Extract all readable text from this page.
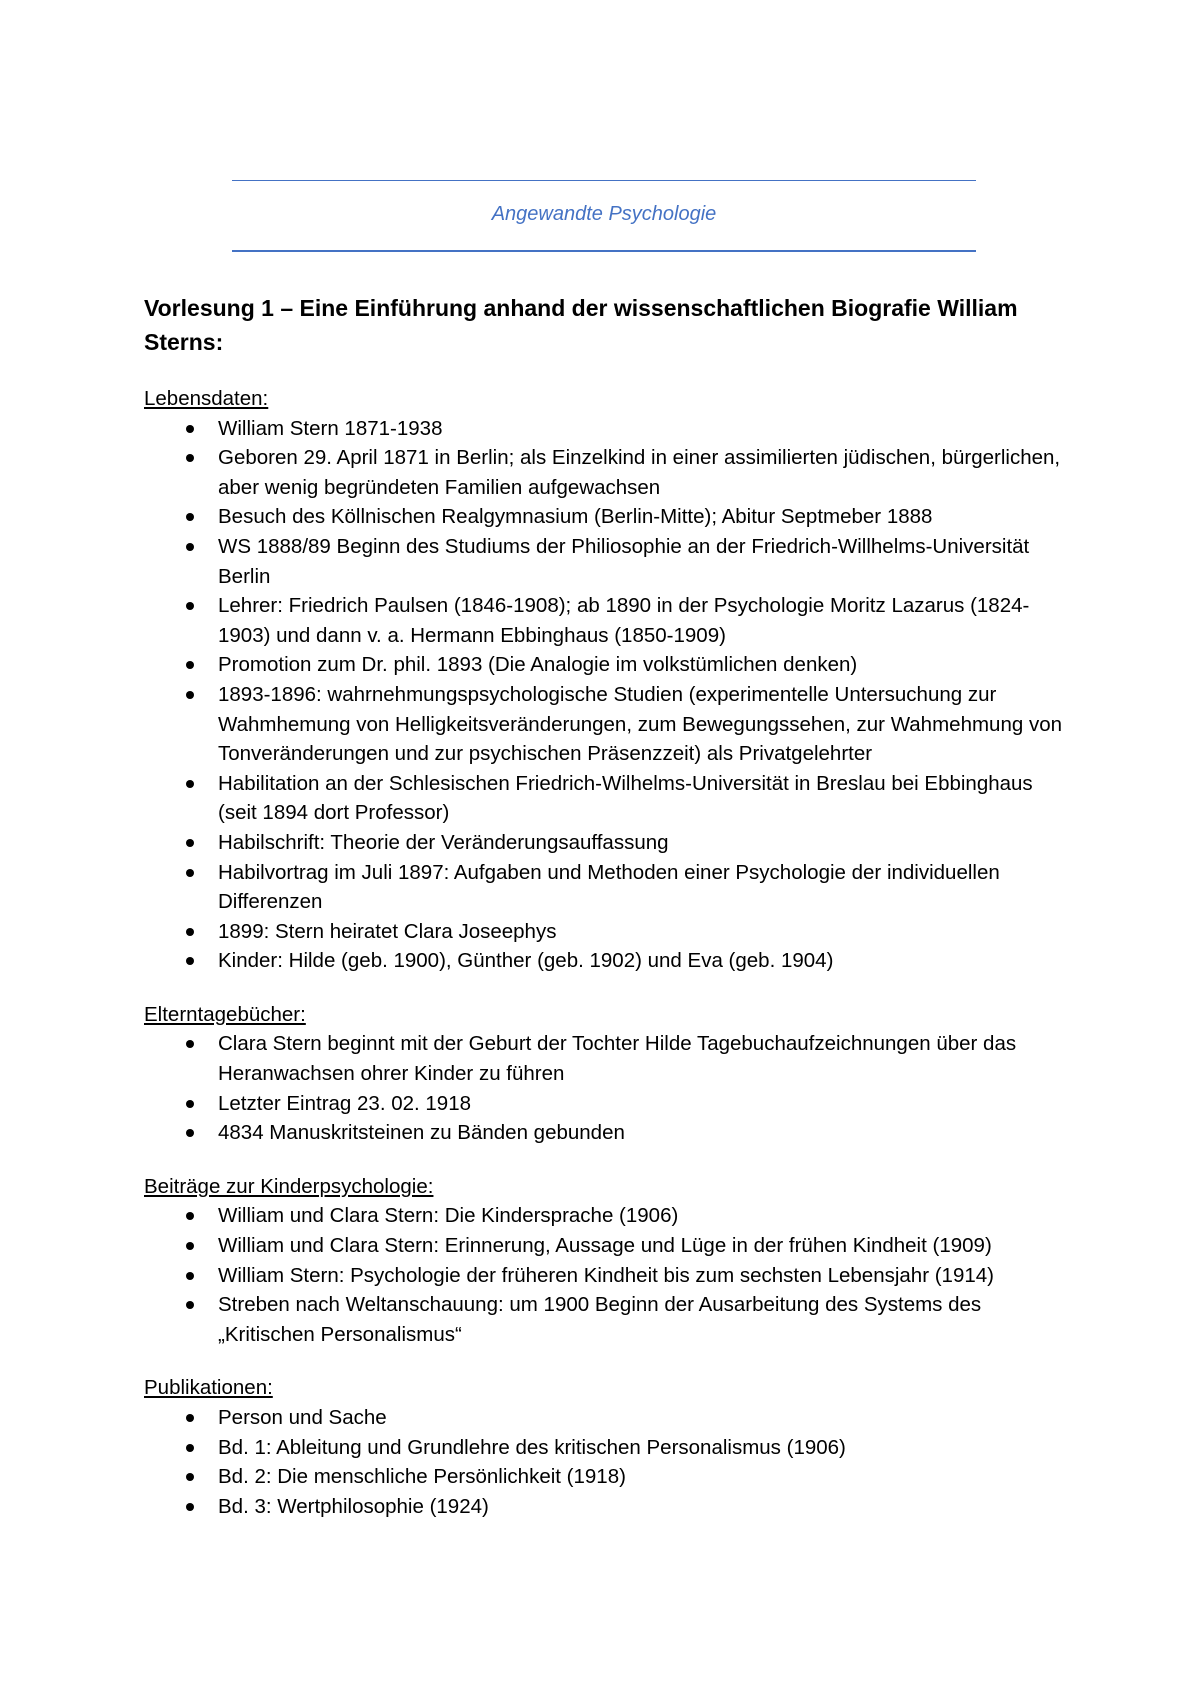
Angewandte Psychologie
Vorlesung 1 – Eine Einführung anhand der wissenschaftlichen Biografie William Sterns:
Lebensdaten:
William Stern 1871-1938
Geboren 29. April 1871 in Berlin; als Einzelkind in einer assimilierten jüdischen, bürgerlichen, aber wenig begründeten Familien aufgewachsen
Besuch des Köllnischen Realgymnasium (Berlin-Mitte); Abitur Septmeber 1888
WS 1888/89 Beginn des Studiums der Philiosophie an der Friedrich-Willhelms-Universität Berlin
Lehrer: Friedrich Paulsen (1846-1908); ab 1890 in der Psychologie Moritz Lazarus (1824-1903) und dann v. a. Hermann Ebbinghaus (1850-1909)
Promotion zum Dr. phil. 1893 (Die Analogie im volkstümlichen denken)
1893-1896: wahrnehmungspsychologische Studien (experimentelle Untersuchung zur Wahmhemung von Helligkeitsveränderungen, zum Bewegungssehen, zur Wahmehmung von Tonveränderungen und zur psychischen Präsenzzeit) als Privatgelehrter
Habilitation an der Schlesischen Friedrich-Wilhelms-Universität in Breslau bei Ebbinghaus (seit 1894 dort Professor)
Habilschrift: Theorie der Veränderungsauffassung
Habilvortrag im Juli 1897: Aufgaben und Methoden einer Psychologie der individuellen Differenzen
1899: Stern heiratet Clara Joseephys
Kinder: Hilde (geb. 1900), Günther (geb. 1902) und Eva (geb. 1904)
Elterntagebücher:
Clara Stern beginnt mit der Geburt der Tochter Hilde Tagebuchaufzeichnungen über das Heranwachsen ohrer Kinder zu führen
Letzter Eintrag 23. 02. 1918
4834 Manuskritsteinen zu Bänden gebunden
Beiträge zur Kinderpsychologie:
William und Clara Stern: Die Kindersprache (1906)
William und Clara Stern: Erinnerung, Aussage und Lüge in der frühen Kindheit (1909)
William Stern: Psychologie der früheren Kindheit bis zum sechsten Lebensjahr (1914)
Streben nach Weltanschauung: um 1900 Beginn der Ausarbeitung des Systems des „Kritischen Personalismus“
Publikationen:
Person und Sache
Bd. 1: Ableitung und Grundlehre des kritischen Personalismus (1906)
Bd. 2: Die menschliche Persönlichkeit (1918)
Bd. 3: Wertphilosophie (1924)
